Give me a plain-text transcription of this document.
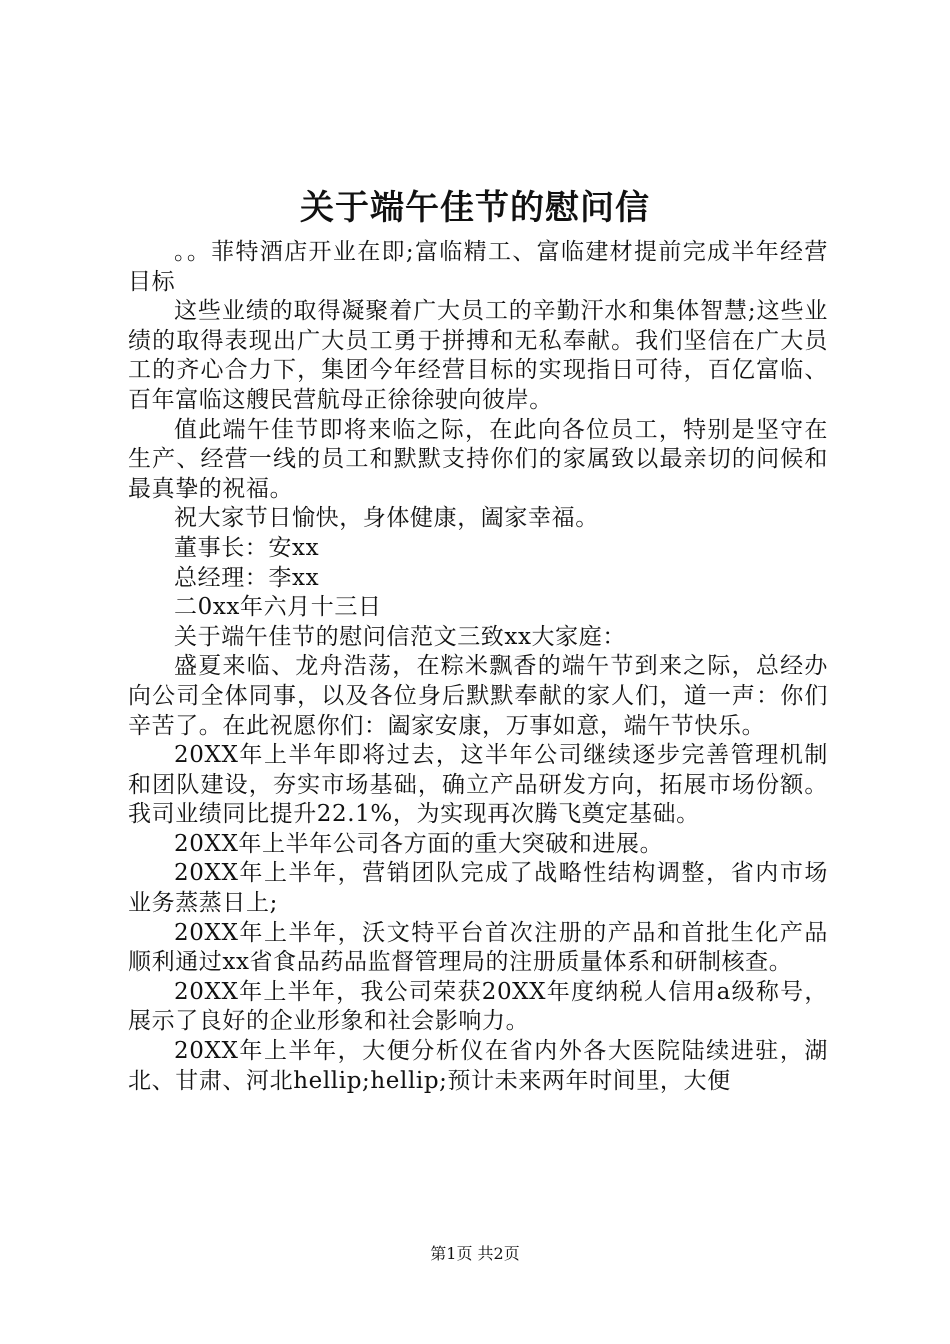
关于端午佳节的慰问信

。。菲特酒店开业在即;富临精工、富临建材提前完成半年经营目标

这些业绩的取得凝聚着广大员工的辛勤汗水和集体智慧;这些业绩的取得表现出广大员工勇于拼搏和无私奉献。我们坚信在广大员工的齐心合力下，集团今年经营目标的实现指日可待，百亿富临、百年富临这艘民营航母正徐徐驶向彼岸。

值此端午佳节即将来临之际，在此向各位员工，特别是坚守在生产、经营一线的员工和默默支持你们的家属致以最亲切的问候和最真挚的祝福。

祝大家节日愉快，身体健康，阖家幸福。

董事长：安xx

总经理：李xx

二0xx年六月十三日

关于端午佳节的慰问信范文三致xx大家庭：

盛夏来临、龙舟浩荡，在粽米飘香的端午节到来之际，总经办向公司全体同事，以及各位身后默默奉献的家人们，道一声：你们辛苦了。在此祝愿你们：阖家安康，万事如意，端午节快乐。

20XX年上半年即将过去，这半年公司继续逐步完善管理机制和团队建设，夯实市场基础，确立产品研发方向，拓展市场份额。我司业绩同比提升22.1%，为实现再次腾飞奠定基础。

20XX年上半年公司各方面的重大突破和进展。

20XX年上半年，营销团队完成了战略性结构调整，省内市场业务蒸蒸日上;

20XX年上半年，沃文特平台首次注册的产品和首批生化产品顺利通过xx省食品药品监督管理局的注册质量体系和研制核查。

20XX年上半年，我公司荣获20XX年度纳税人信用a级称号，展示了良好的企业形象和社会影响力。

20XX年上半年，大便分析仪在省内外各大医院陆续进驻，湖北、甘肃、河北hellip;hellip;预计未来两年时间里，大便

第1页 共2页
